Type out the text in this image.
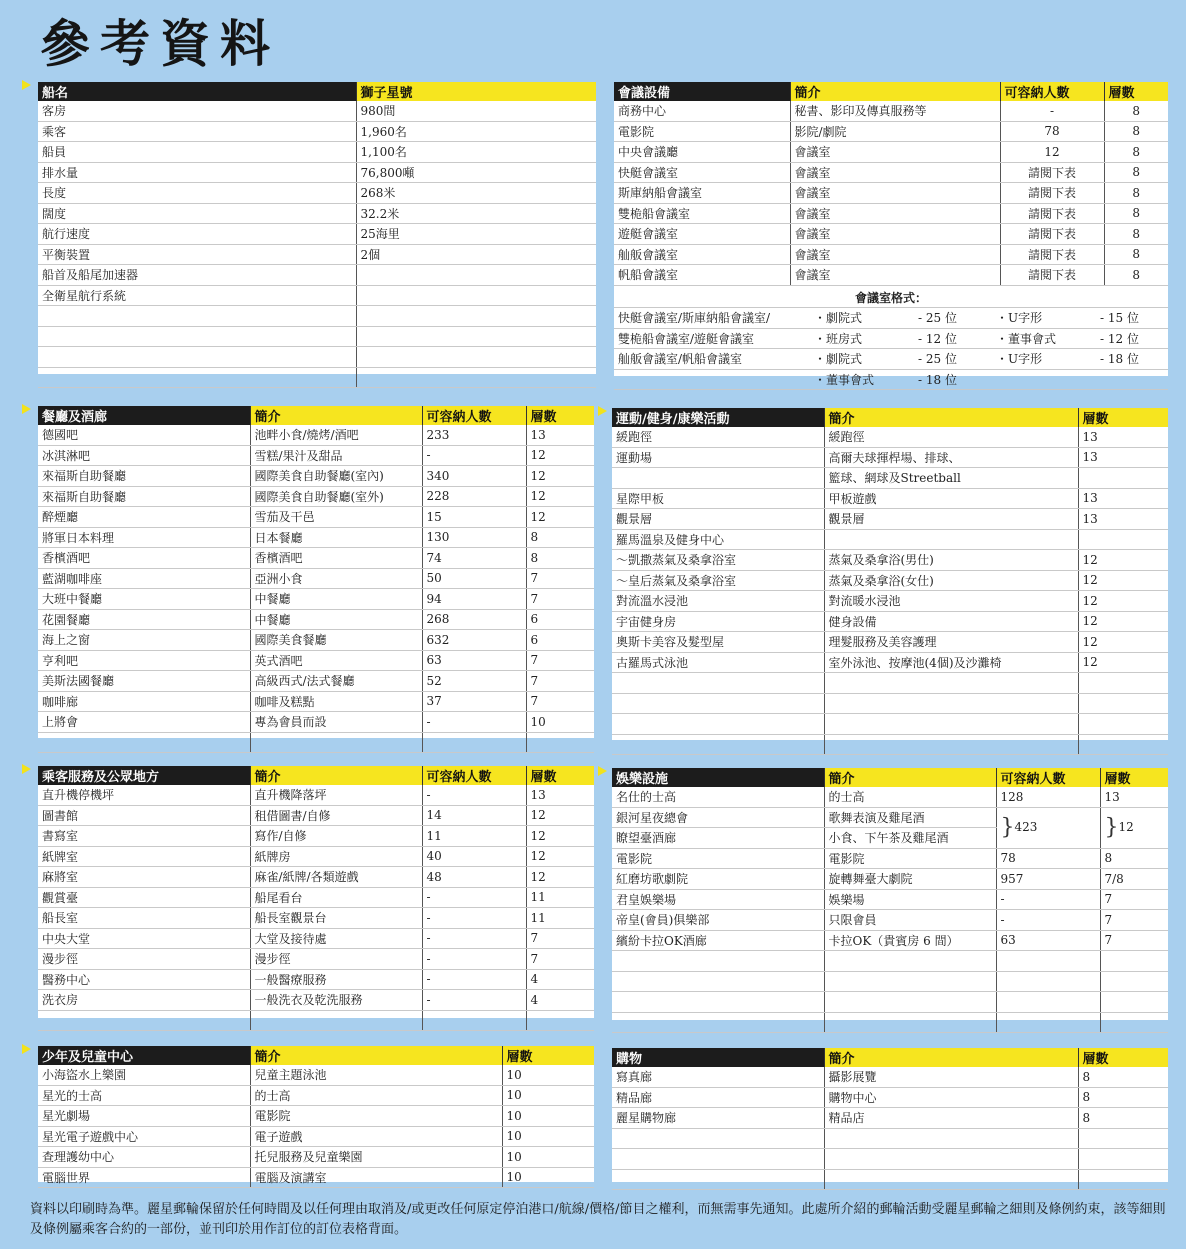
參考資料
船名	獅子星號
客房	980間
乘客	1,960名
船員	1,100名
排水量	76,800噸
長度	268米
闊度	32.2米
航行速度	25海里
平衡裝置	2個
船首及船尾加速器	
全衛星航行系統	

會議設備	簡介	可容納人數	層數
商務中心	秘書、影印及傳真服務等	-	8
電影院	影院/劇院	78	8
中央會議廳	會議室	12	8
快艇會議室	會議室	請閱下表	8
斯庫納船會議室	會議室	請閱下表	8
雙桅船會議室	會議室	請閱下表	8
遊艇會議室	會議室	請閱下表	8
舢舨會議室	會議室	請閱下表	8
帆船會議室	會議室	請閱下表	8
會議室格式：				
快艇會議室/斯庫納船會議室/	・劇院式	- 25 位	・U字形	- 15 位
雙桅船會議室/遊艇會議室	・班房式	- 12 位	・董事會式	- 12 位
舢舨會議室/帆船會議室	・劇院式	- 25 位	・U字形	- 18 位
	・董事會式	- 18 位		
餐廳及酒廊	簡介	可容納人數	層數
德國吧	池畔小食/燒烤/酒吧	233	13
冰淇淋吧	雪糕/果汁及甜品	-	12
來福斯自助餐廳	國際美食自助餐廳(室內)	340	12
來福斯自助餐廳	國際美食自助餐廳(室外)	228	12
醉煙廳	雪茄及干邑	15	12
將軍日本料理	日本餐廳	130	8
香檳酒吧	香檳酒吧	74	8
藍湖咖啡座	亞洲小食	50	7
大班中餐廳	中餐廳	94	7
花園餐廳	中餐廳	268	6
海上之窗	國際美食餐廳	632	6
亨利吧	英式酒吧	63	7
美斯法國餐廳	高級西式/法式餐廳	52	7
咖啡廊	咖啡及糕點	37	7
上將會	專為會員而設	-	10

運動/健身/康樂活動	簡介	層數
緩跑徑	緩跑徑	13
運動場	高爾夫球揮桿場、排球、	13
	籃球、網球及Streetball	
星際甲板	甲板遊戲	13
觀景層	觀景層	13
羅馬溫泉及健身中心		
～凱撒蒸氣及桑拿浴室	蒸氣及桑拿浴(男仕)	12
～皇后蒸氣及桑拿浴室	蒸氣及桑拿浴(女仕)	12
對流溫水浸池	對流暖水浸池	12
宇宙健身房	健身設備	12
奧斯卡美容及髮型屋	理髮服務及美容護理	12
古羅馬式泳池	室外泳池、按摩池(4個)及沙灘椅	12

乘客服務及公眾地方	簡介	可容納人數	層數
直升機停機坪	直升機降落坪	-	13
圖書館	租借圖書/自修	14	12
書寫室	寫作/自修	11	12
紙牌室	紙牌房	40	12
麻將室	麻雀/紙牌/各類遊戲	48	12
觀賞臺	船尾看台	-	11
船長室	船長室觀景台	-	11
中央大堂	大堂及接待處	-	7
漫步徑	漫步徑	-	7
醫務中心	一般醫療服務	-	4
洗衣房	一般洗衣及乾洗服務	-	4

娛樂設施	簡介	可容納人數	層數
名仕的士高	的士高	128	13
銀河星夜總會	歌舞表演及雞尾酒	}423	}12
瞭望臺酒廊	小食、下午茶及雞尾酒		
電影院	電影院	78	8
紅磨坊歌劇院	旋轉舞臺大劇院	957	7/8
君皇娛樂場	娛樂場	-	7
帝皇(會員)俱樂部	只限會員	-	7
繽紛卡拉OK酒廊	卡拉OK（貴賓房 6 間）	63	7

少年及兒童中心	簡介	層數
小海盜水上樂園	兒童主題泳池	10
星光的士高	的士高	10
星光劇場	電影院	10
星光電子遊戲中心	電子遊戲	10
查理護幼中心	托兒服務及兒童樂園	10
電腦世界	電腦及演講室	10
購物	簡介	層數
寫真廊	攝影展覽	8
精品廊	購物中心	8
麗星購物廊	精品店	8

資料以印刷時為準。麗星郵輪保留於任何時間及以任何理由取消及/或更改任何原定停泊港口/航線/價格/節目之權利，而無需事先通知。此處所介紹的郵輪活動受麗星郵輪之細則及條例約束，該等細則及條例屬乘客合約的一部份，並刊印於用作訂位的訂位表格背面。
